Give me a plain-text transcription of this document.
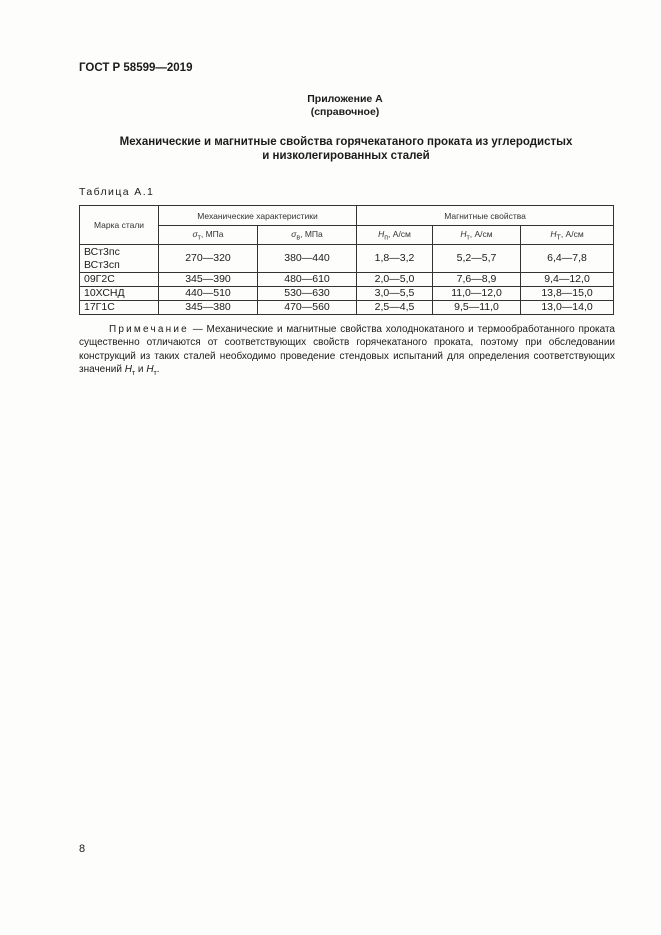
ГОСТ Р 58599—2019
Приложение А
(справочное)
Механические и магнитные свойства горячекатаного проката из углеродистых
и низколегированных сталей
Таблица А.1
Марка стали	Механические характеристики		Магнитные свойства		
	$\sigma_т$, МПа	$\sigma_в$, МПа	$H_п$, А/см	$H_т$, А/см	$H_T$, А/см

ВСт3пс
ВСт3сп	270—320	380—440	1,8—3,2	5,2—5,7	6,4—7,8
09Г2С	345—390	480—610	2,0—5,0	7,6—8,9	9,4—12,0
10ХСНД	440—510	530—630	3,0—5,5	11,0—12,0	13,8—15,0
17Г1С	345—380	470—560	2,5—4,5	9,5—11,0	13,0—14,0
Примечание — Механические и магнитные свойства холоднокатаного и термообработанного проката существенно отличаются от соответствующих свойств горячекатаного проката, поэтому при обследовании конструкций из таких сталей необходимо проведение стендовых испытаний для определения соответствующих значений $H_т$ и $H_т$.
8
